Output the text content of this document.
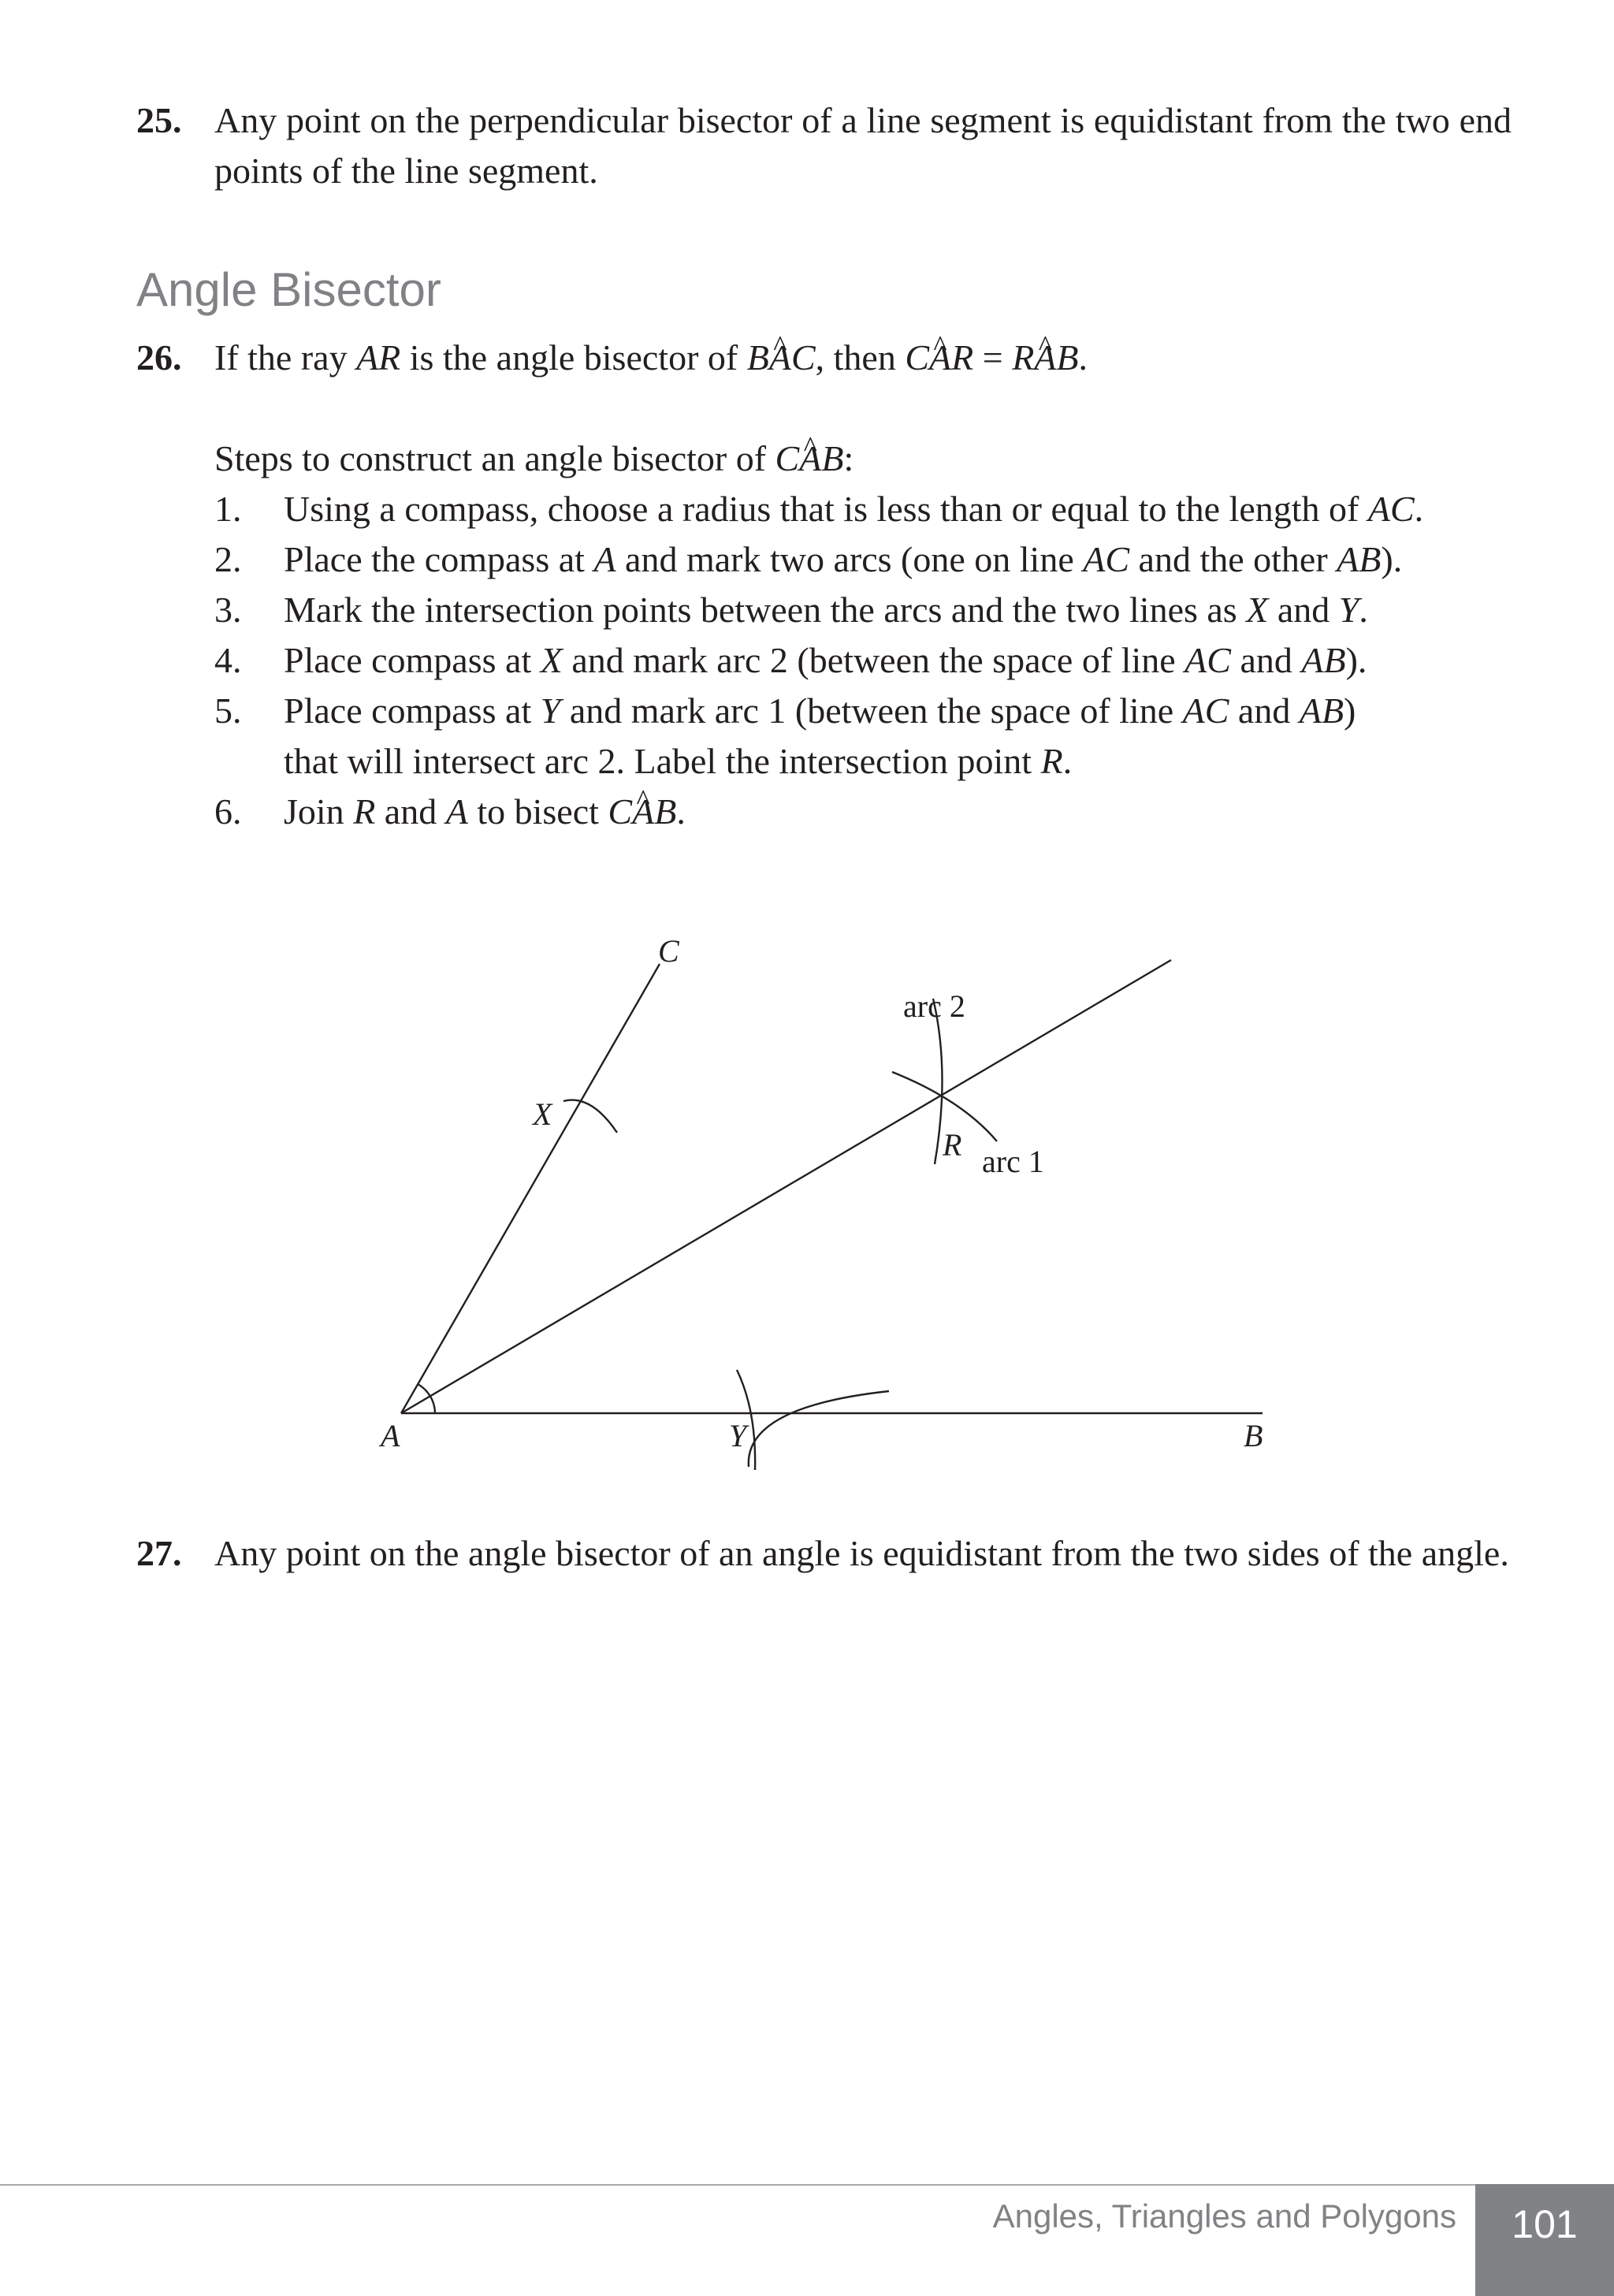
25. Any point on the perpendicular bisector of a line segment is equidistant from the two end points of the line segment.
Angle Bisector
26. If the ray AR is the angle bisector of BA ^C, then CA ^R = RA ^B.
Steps to construct an angle bisector of CA ^B:
1. Using a compass, choose a radius that is less than or equal to the length of AC.
2. Place the compass at A and mark two arcs (one on line AC and the other AB).
3. Mark the intersection points between the arcs and the two lines as X and Y.
4. Place compass at X and mark arc 2 (between the space of line AC and AB).
5. Place compass at Y and mark arc 1 (between the space of line AC and AB)
that will intersect arc 2. Label the intersection point R.
6. Join R and A to bisect CA ^B.
A	B
C
X
Y
R
arc 2
arc 1
27. Any point on the angle bisector of an angle is equidistant from the two sides of the angle.
Angles, Triangles and Polygons	101
